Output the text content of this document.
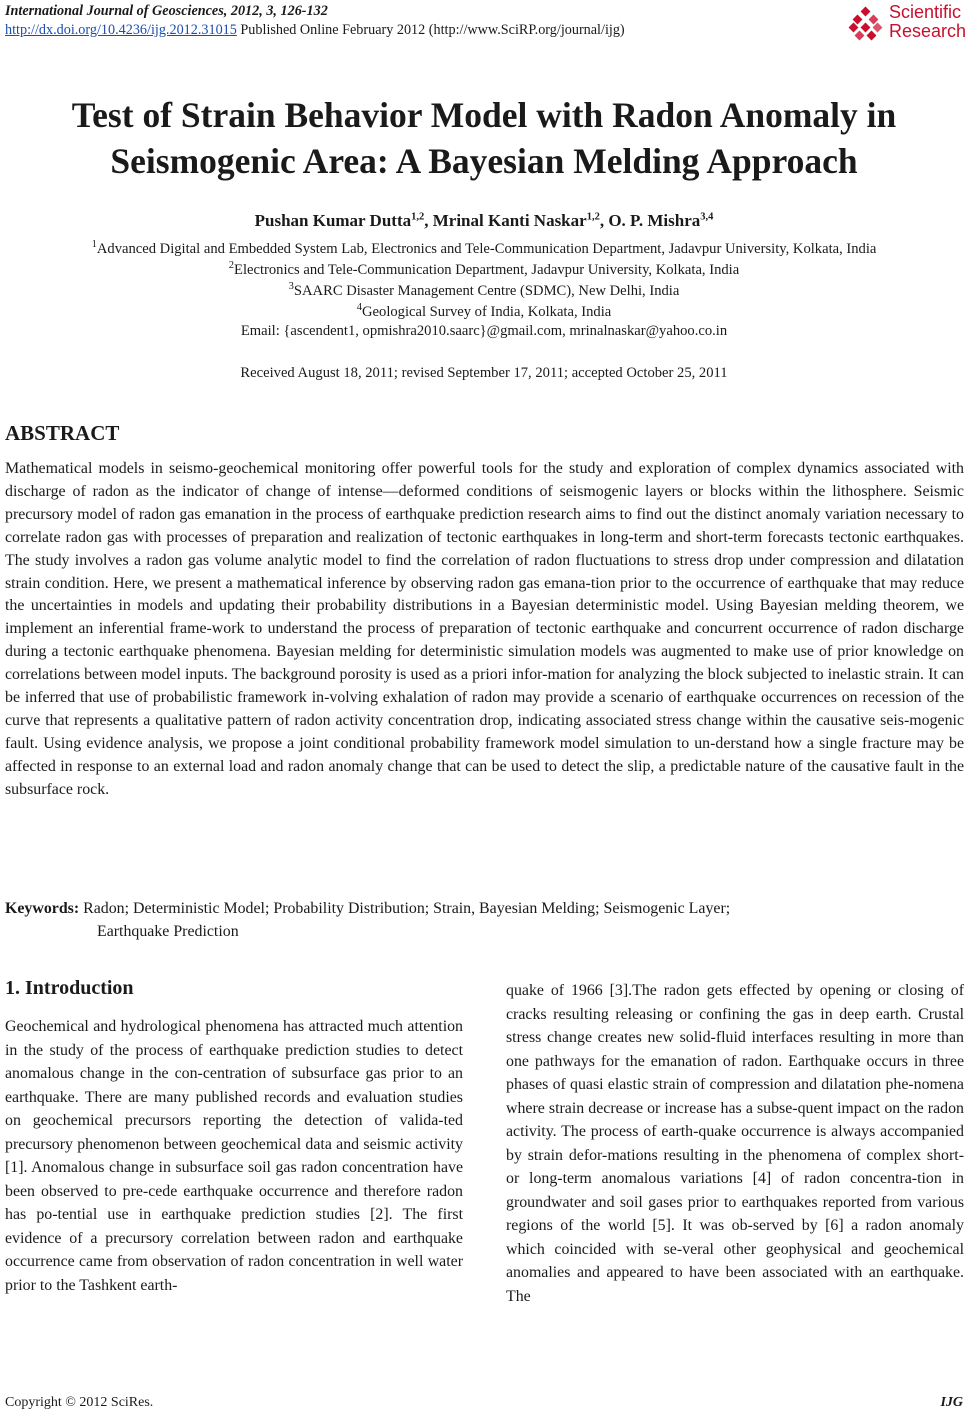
International Journal of Geosciences, 2012, 3, 126-132
http://dx.doi.org/10.4236/ijg.2012.31015 Published Online February 2012 (http://www.SciRP.org/journal/ijg)
Scientific
Research
Test of Strain Behavior Model with Radon Anomaly in
Seismogenic Area: A Bayesian Melding Approach
Pushan Kumar Dutta$^{1,2}$, Mrinal Kanti Naskar$^{1,2}$, O. P. Mishra$^{3,4}$
$^1$Advanced Digital and Embedded System Lab, Electronics and Tele-Communication Department, Jadavpur University, Kolkata, India
$^2$Electronics and Tele-Communication Department, Jadavpur University, Kolkata, India
$^3$SAARC Disaster Management Centre (SDMC), New Delhi, India
$^4$Geological Survey of India, Kolkata, India
Email: {ascendent1, opmishra2010.saarc}@gmail.com, mrinalnaskar@yahoo.co.in
Received August 18, 2011; revised September 17, 2011; accepted October 25, 2011
ABSTRACT
Mathematical models in seismo-geochemical monitoring offer powerful tools for the study and exploration of complex dynamics associated with discharge of radon as the indicator of change of intense—deformed conditions of seismogenic layers or blocks within the lithosphere. Seismic precursory model of radon gas emanation in the process of earthquake prediction research aims to find out the distinct anomaly variation necessary to correlate radon gas with processes of preparation and realization of tectonic earthquakes in long-term and short-term forecasts tectonic earthquakes. The study involves a radon gas volume analytic model to find the correlation of radon fluctuations to stress drop under compression and dilatation strain condition. Here, we present a mathematical inference by observing radon gas emana-tion prior to the occurrence of earthquake that may reduce the uncertainties in models and updating their probability distributions in a Bayesian deterministic model. Using Bayesian melding theorem, we implement an inferential frame-work to understand the process of preparation of tectonic earthquake and concurrent occurrence of radon discharge during a tectonic earthquake phenomena. Bayesian melding for deterministic simulation models was augmented to make use of prior knowledge on correlations between model inputs. The background porosity is used as a priori infor-mation for analyzing the block subjected to inelastic strain. It can be inferred that use of probabilistic framework in-volving exhalation of radon may provide a scenario of earthquake occurrences on recession of the curve that represents a qualitative pattern of radon activity concentration drop, indicating associated stress change within the causative seis-mogenic fault. Using evidence analysis, we propose a joint conditional probability framework model simulation to un-derstand how a single fracture may be affected in response to an external load and radon anomaly change that can be used to detect the slip, a predictable nature of the causative fault in the subsurface rock.
Keywords: Radon; Deterministic Model; Probability Distribution; Strain, Bayesian Melding; Seismogenic Layer;
Earthquake Prediction
1. Introduction
Geochemical and hydrological phenomena has attracted much attention in the study of the process of earthquake prediction studies to detect anomalous change in the con-centration of subsurface gas prior to an earthquake. There are many published records and evaluation studies on geochemical precursors reporting the detection of valida-ted precursory phenomenon between geochemical data and seismic activity [1]. Anomalous change in subsurface soil gas radon concentration have been observed to pre-cede earthquake occurrence and therefore radon has po-tential use in earthquake prediction studies [2]. The first evidence of a precursory correlation between radon and earthquake occurrence came from observation of radon concentration in well water prior to the Tashkent earth-
quake of 1966 [3].The radon gets effected by opening or closing of cracks resulting releasing or confining the gas in deep earth. Crustal stress change creates new solid-fluid interfaces resulting in more than one pathways for the emanation of radon. Earthquake occurs in three phases of quasi elastic strain of compression and dilatation phe-nomena where strain decrease or increase has a subse-quent impact on the radon activity. The process of earth-quake occurrence is always accompanied by strain defor-mations resulting in the phenomena of complex short- or long-term anomalous variations [4] of radon concentra-tion in groundwater and soil gases prior to earthquakes reported from various regions of the world [5]. It was ob-served by [6] a radon anomaly which coincided with se-veral other geophysical and geochemical anomalies and appeared to have been associated with an earthquake. The
Copyright © 2012 SciRes.	IJG
